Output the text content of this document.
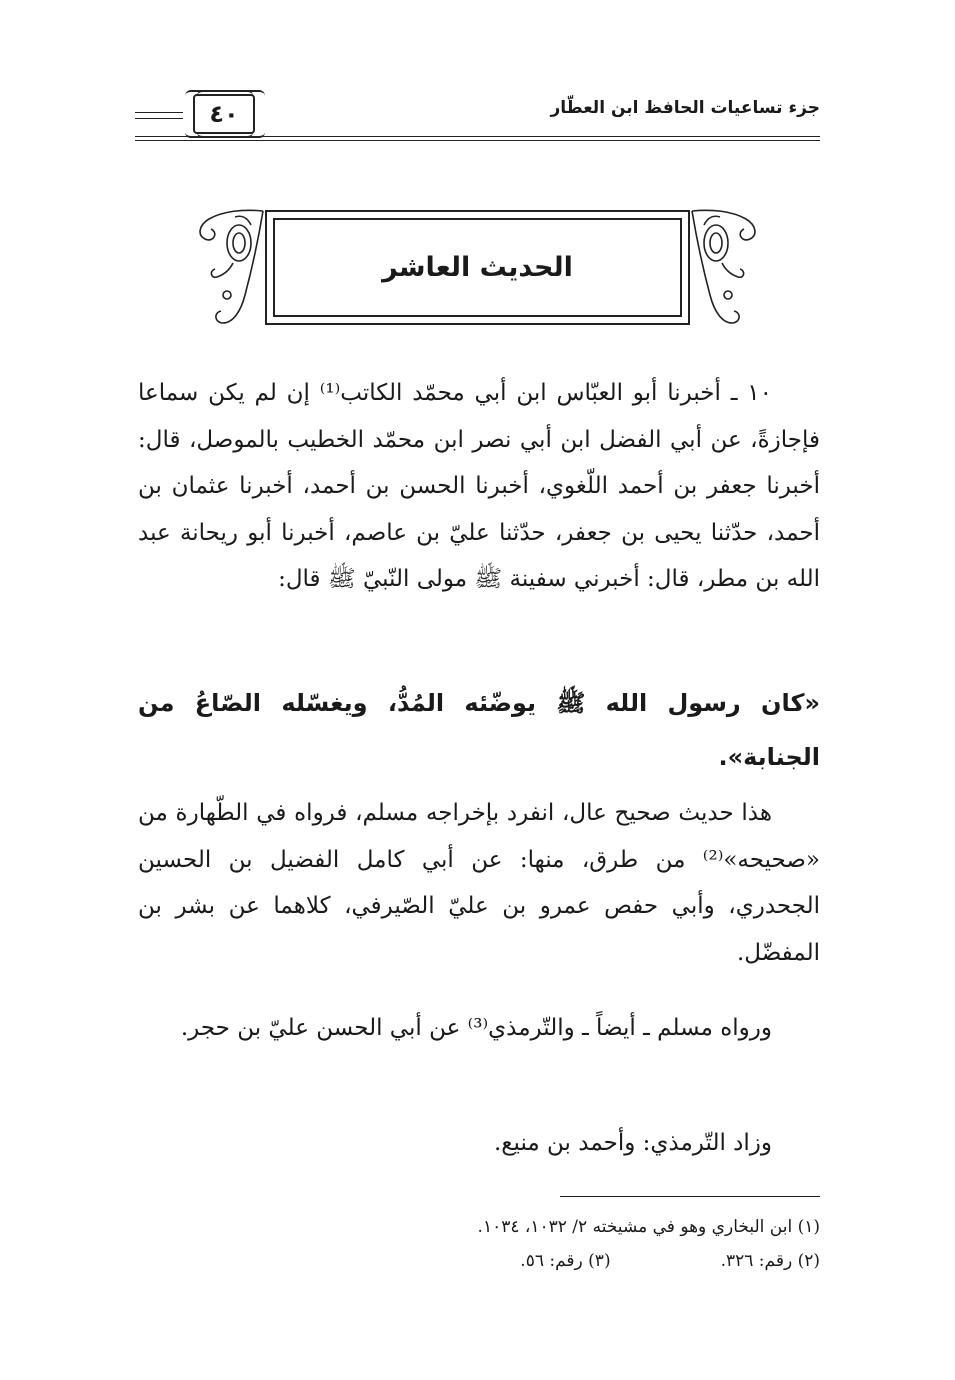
جزء تساعيات الحافظ ابن العطّار
٤٠
الحديث العاشر

١٠ ـ أخبرنا أبو العبّاس ابن أبي محمّد الكاتب⁽¹⁾ إن لم يكن سماعا فإجازةً، عن أبي الفضل ابن أبي نصر ابن محمّد الخطيب بالموصل، قال: أخبرنا جعفر بن أحمد اللّغوي، أخبرنا الحسن بن أحمد، أخبرنا عثمان بن أحمد، حدّثنا يحيى بن جعفر، حدّثنا عليّ بن عاصم، أخبرنا أبو ريحانة عبد الله بن مطر، قال: أخبرني سفينة ﷺ مولى النّبيّ ﷺ قال:

«كان رسول الله ﷺ يوضّئه المُدُّ، ويغسّله الصّاعُ من الجنابة».

هذا حديث صحيح عال، انفرد بإخراجه مسلم، فرواه في الطّهارة من «صحيحه»⁽²⁾ من طرق، منها: عن أبي كامل الفضيل بن الحسين الجحدري، وأبي حفص عمرو بن عليّ الصّيرفي، كلاهما عن بشر بن المفضّل.

ورواه مسلم ـ أيضاً ـ والتّرمذي⁽³⁾ عن أبي الحسن عليّ بن حجر.

وزاد التّرمذي: وأحمد بن منيع.

(١) ابن البخاري وهو في مشيخته ٢/ ١٠٣٢، ١٠٣٤.
(٢) رقم: ٣٢٦.
(٣) رقم: ٥٦.
